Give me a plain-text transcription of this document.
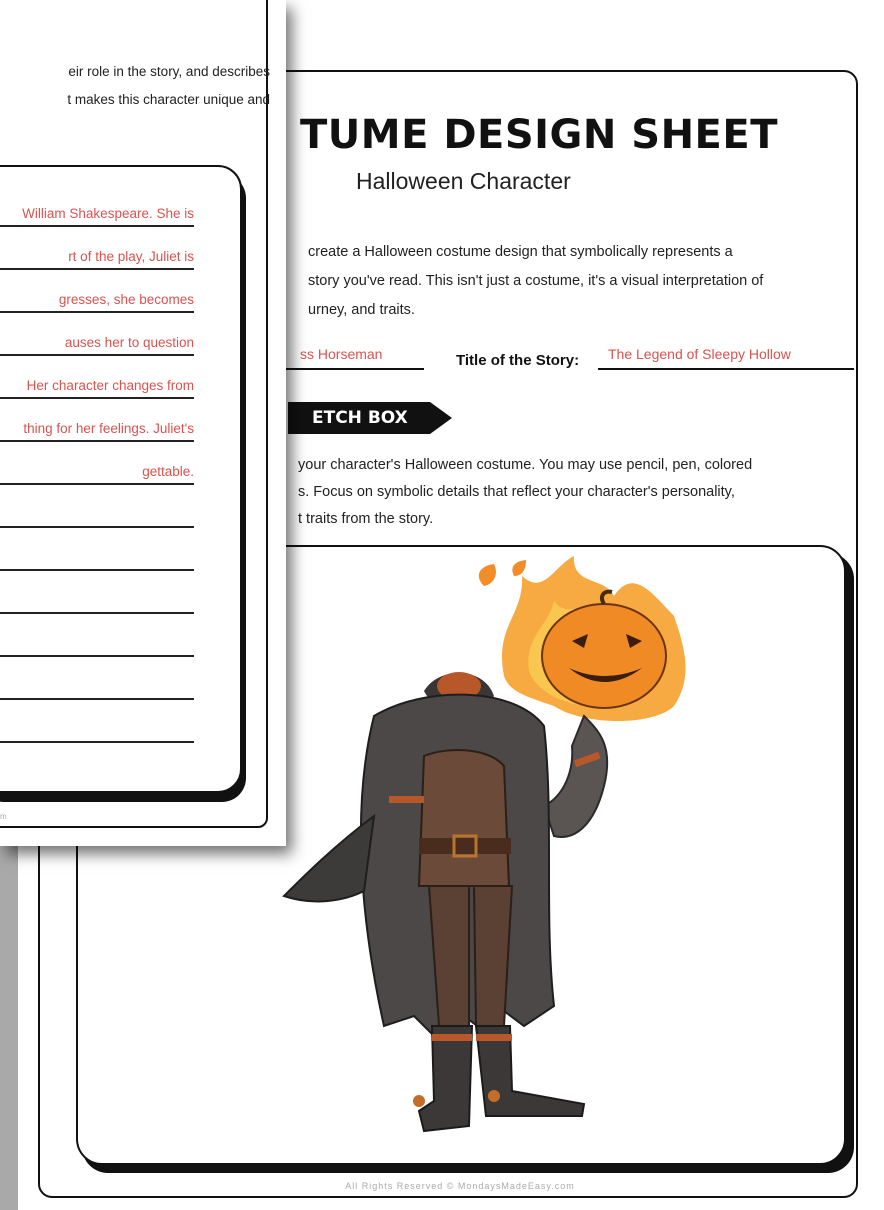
TUME DESIGN SHEET
Halloween Character

create a Halloween costume design that symbolically represents a

story you've read. This isn't just a costume, it's a visual interpretation of

urney, and traits.

ss Horseman	Title of the Story: The Legend of Sleepy Hollow
ETCH BOX

your character's Halloween costume. You may use pencil, pen, colored

s. Focus on symbolic details that reflect your character's personality,

t traits from the story.

All Rights Reserved © MondaysMadeEasy.com

eir role in the story, and describes

t makes this character unique and

William Shakespeare. She is
rt of the play, Juliet is
gresses, she becomes
auses her to question
Her character changes from
thing for her feelings. Juliet's
gettable.
m
